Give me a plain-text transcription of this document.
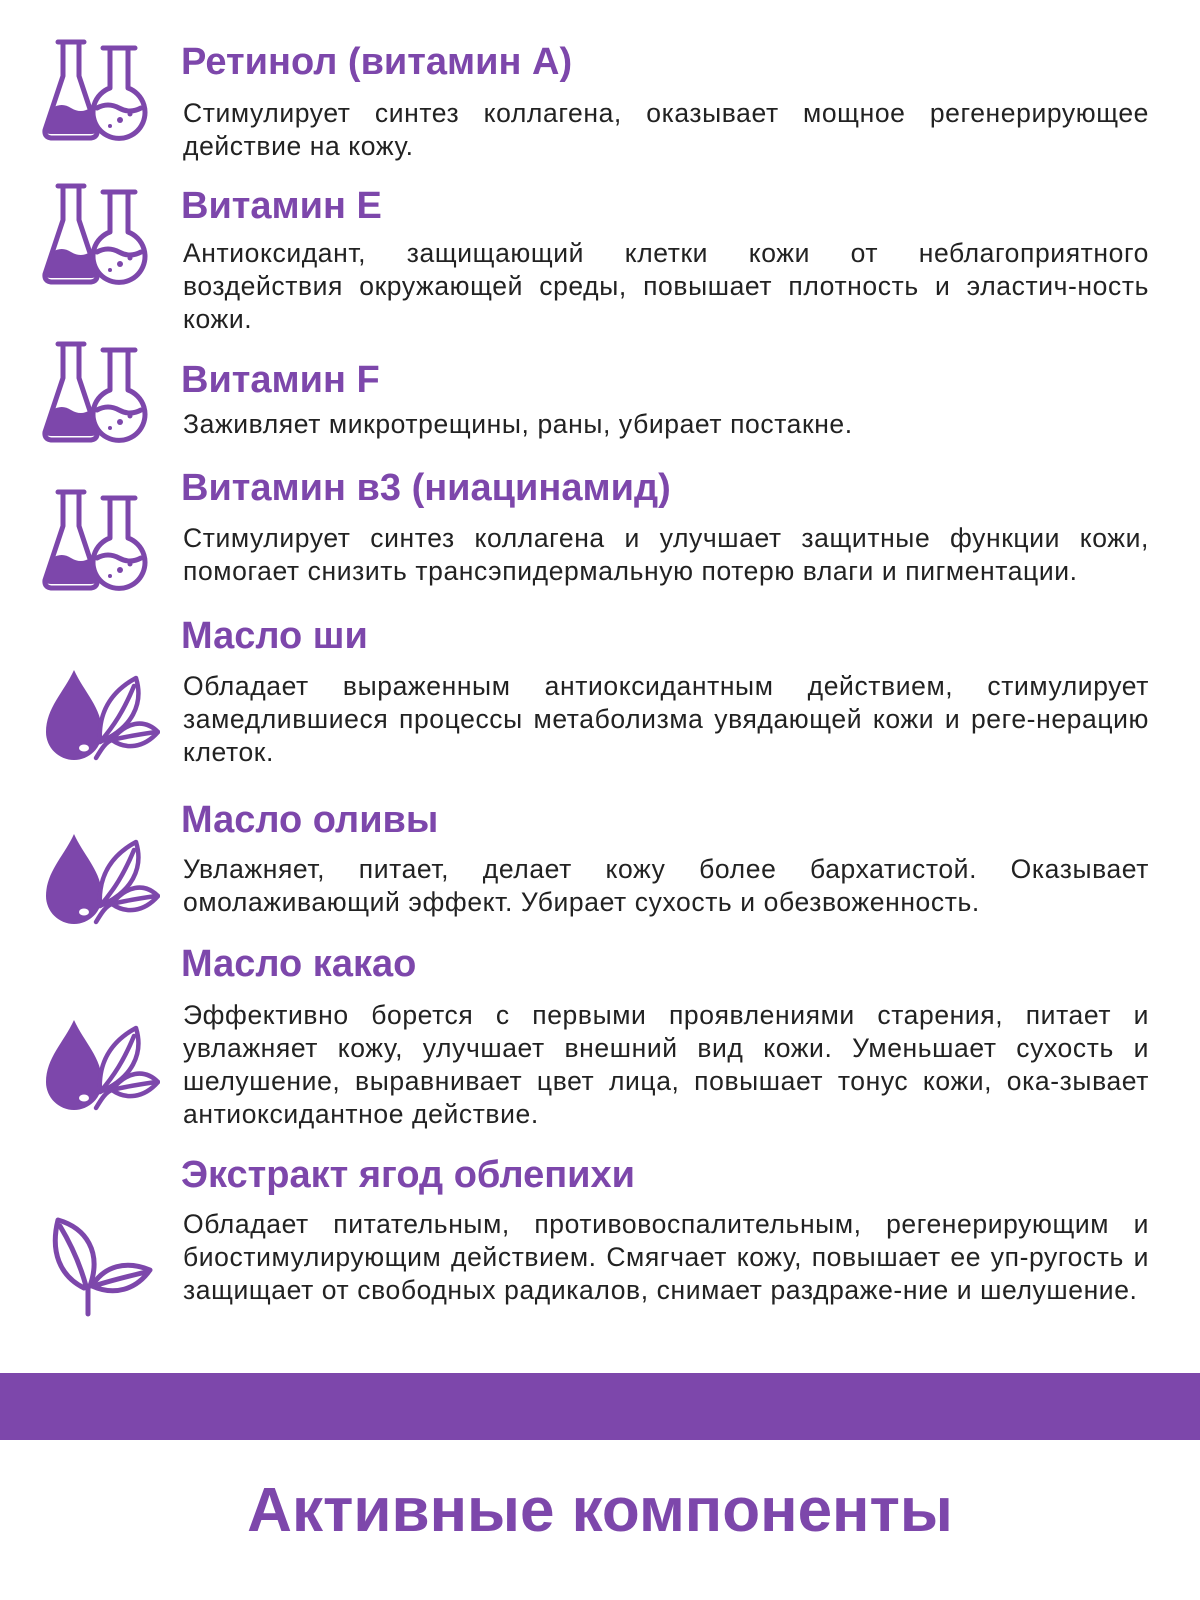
Ретинол (витамин А)

Стимулирует синтез коллагена, оказывает мощное регенерирующее действие на кожу.

Витамин Е

Антиоксидант, защищающий клетки кожи от неблагоприятного воздействия окружающей среды, повышает плотность и эластич-ность кожи.

Витамин F

Заживляет микротрещины, раны, убирает постакне.

Витамин в3 (ниацинамид)

Стимулирует синтез коллагена и улучшает защитные функции кожи, помогает снизить трансэпидермальную потерю влаги и пигментации.

Масло ши

Обладает выраженным антиоксидантным действием, стимулирует замедлившиеся процессы метаболизма увядающей кожи и реге-нерацию клеток.

Масло оливы

Увлажняет, питает, делает кожу более бархатистой. Оказывает омолаживающий эффект. Убирает сухость и обезвоженность.

Масло какао

Эффективно борется с первыми проявлениями старения, питает и увлажняет кожу, улучшает внешний вид кожи. Уменьшает сухость и шелушение, выравнивает цвет лица, повышает тонус кожи, ока-зывает антиоксидантное действие.

Экстракт ягод облепихи

Обладает питательным, противовоспалительным, регенерирующим и биостимулирующим действием. Смягчает кожу, повышает ее уп-ругость и защищает от свободных радикалов, снимает раздраже-ние и шелушение.

Активные компоненты
